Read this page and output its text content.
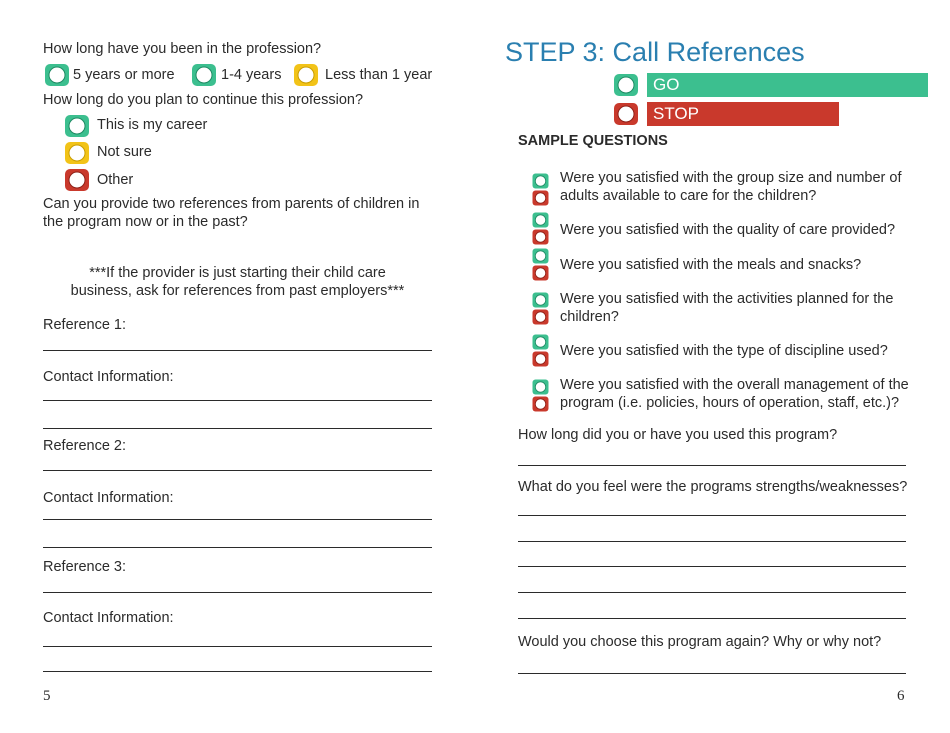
How long have you been in the profession?
5 years or more	1-4 years	Less than 1 year
How long do you plan to continue this profession?
This is my career
Not sure
Other
Can you provide two references from parents of children in
the program now or in the past?
***If the provider is just starting their child care
business, ask for references from past employers***
Reference 1:
Contact Information:
Reference 2:
Contact Information:
Reference 3:
Contact Information:
5
STEP 3: Call References
GO
STOP
SAMPLE QUESTIONS
Were you satisfied with the group size and number of adults available to care for the children?
Were you satisfied with the quality of care provided?
Were you satisfied with the meals and snacks?
Were you satisfied with the activities planned for the children?
Were you satisfied with the type of discipline used?
Were you satisfied with the overall management of the program (i.e. policies, hours of operation, staff, etc.)?
How long did you or have you used this program?
What do you feel were the programs strengths/weaknesses?
Would you choose this program again? Why or why not?
6
